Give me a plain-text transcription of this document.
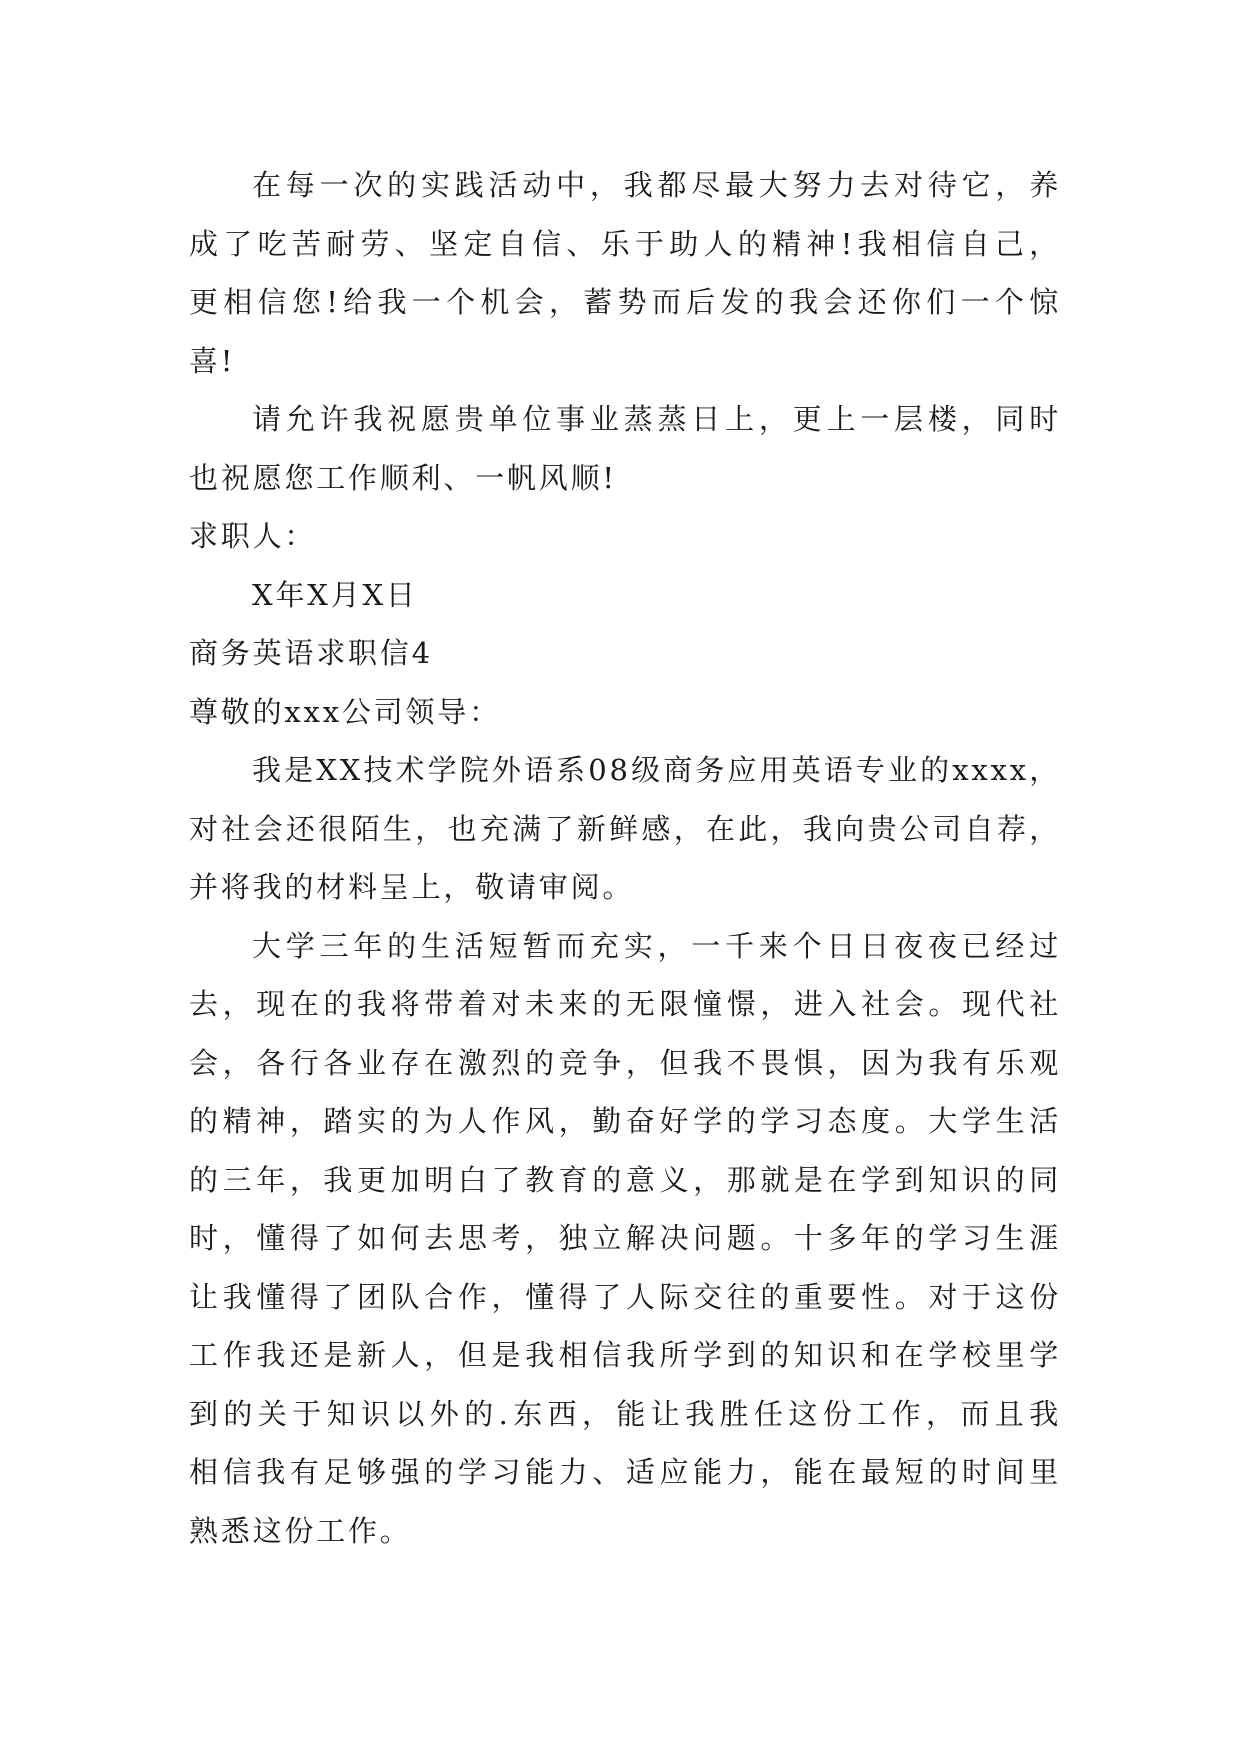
在每一次的实践活动中，我都尽最大努力去对待它，养
成了吃苦耐劳、坚定自信、乐于助人的精神!我相信自己，
更相信您!给我一个机会，蓄势而后发的我会还你们一个惊
喜!
请允许我祝愿贵单位事业蒸蒸日上，更上一层楼，同时
也祝愿您工作顺利、一帆风顺!
求职人：
X年X月X日
商务英语求职信4
尊敬的xxx公司领导：
我是XX技术学院外语系08级商务应用英语专业的xxxx，
对社会还很陌生，也充满了新鲜感，在此，我向贵公司自荐，
并将我的材料呈上，敬请审阅。
大学三年的生活短暂而充实，一千来个日日夜夜已经过
去，现在的我将带着对未来的无限憧憬，进入社会。现代社
会，各行各业存在激烈的竞争，但我不畏惧，因为我有乐观
的精神，踏实的为人作风，勤奋好学的学习态度。大学生活
的三年，我更加明白了教育的意义，那就是在学到知识的同
时，懂得了如何去思考，独立解决问题。十多年的学习生涯
让我懂得了团队合作，懂得了人际交往的重要性。对于这份
工作我还是新人，但是我相信我所学到的知识和在学校里学
到的关于知识以外的.东西，能让我胜任这份工作，而且我
相信我有足够强的学习能力、适应能力，能在最短的时间里
熟悉这份工作。
